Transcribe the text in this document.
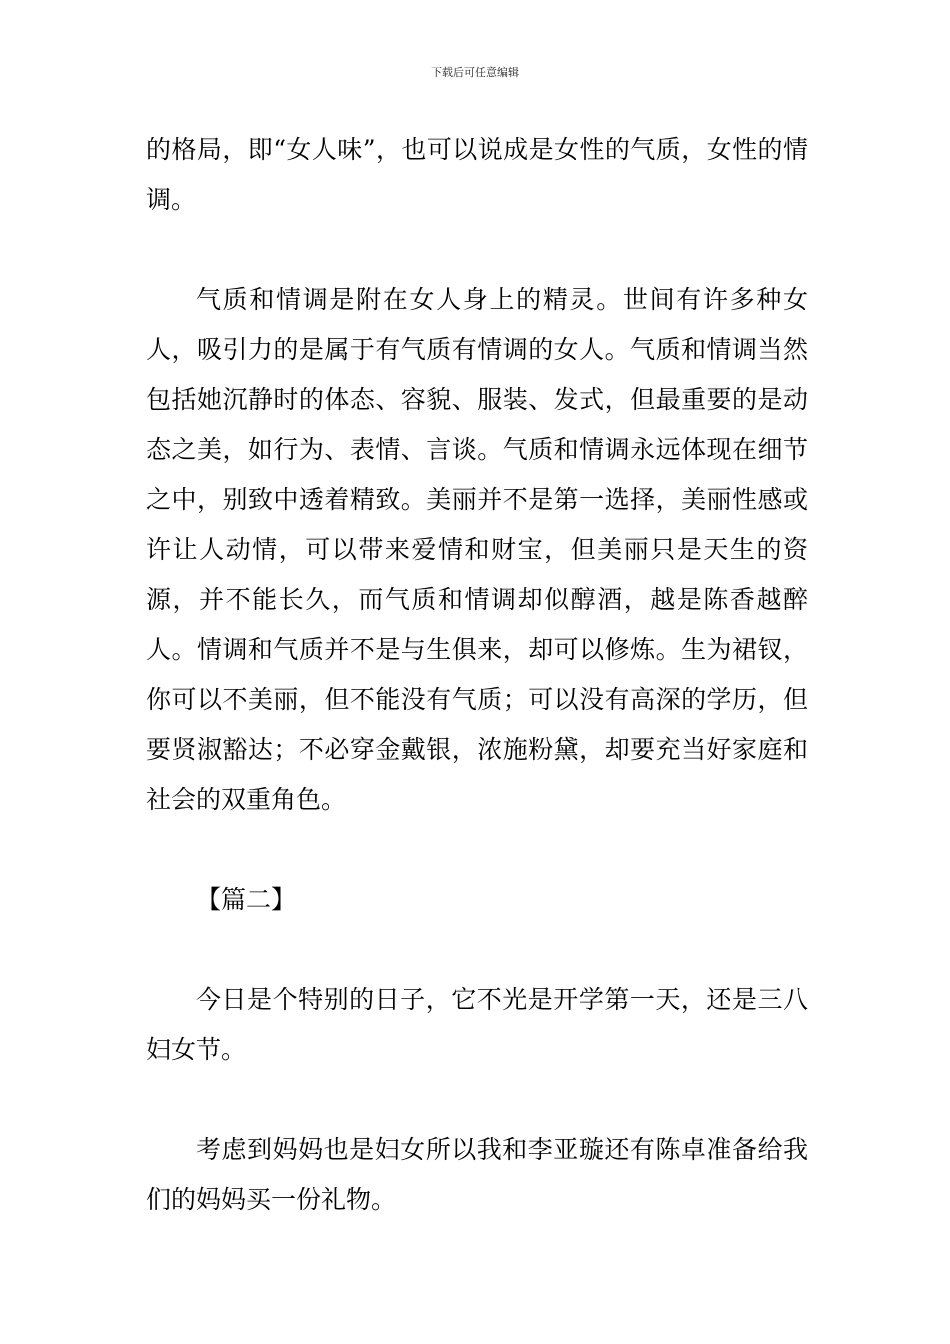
下载后可任意编辑

的格局，即“女人味”，也可以说成是女性的气质，女性的情调。

气质和情调是附在女人身上的精灵。世间有许多种女人，吸引力的是属于有气质有情调的女人。气质和情调当然包括她沉静时的体态、容貌、服装、发式，但最重要的是动态之美，如行为、表情、言谈。气质和情调永远体现在细节之中，别致中透着精致。美丽并不是第一选择，美丽性感或许让人动情，可以带来爱情和财宝，但美丽只是天生的资源，并不能长久，而气质和情调却似醇酒，越是陈香越醉人。情调和气质并不是与生俱来，却可以修炼。生为裙钗，你可以不美丽，但不能没有气质；可以没有高深的学历，但要贤淑豁达；不必穿金戴银，浓施粉黛，却要充当好家庭和社会的双重角色。

【篇二】

今日是个特别的日子，它不光是开学第一天，还是三八妇女节。

考虑到妈妈也是妇女所以我和李亚璇还有陈卓准备给我们的妈妈买一份礼物。
